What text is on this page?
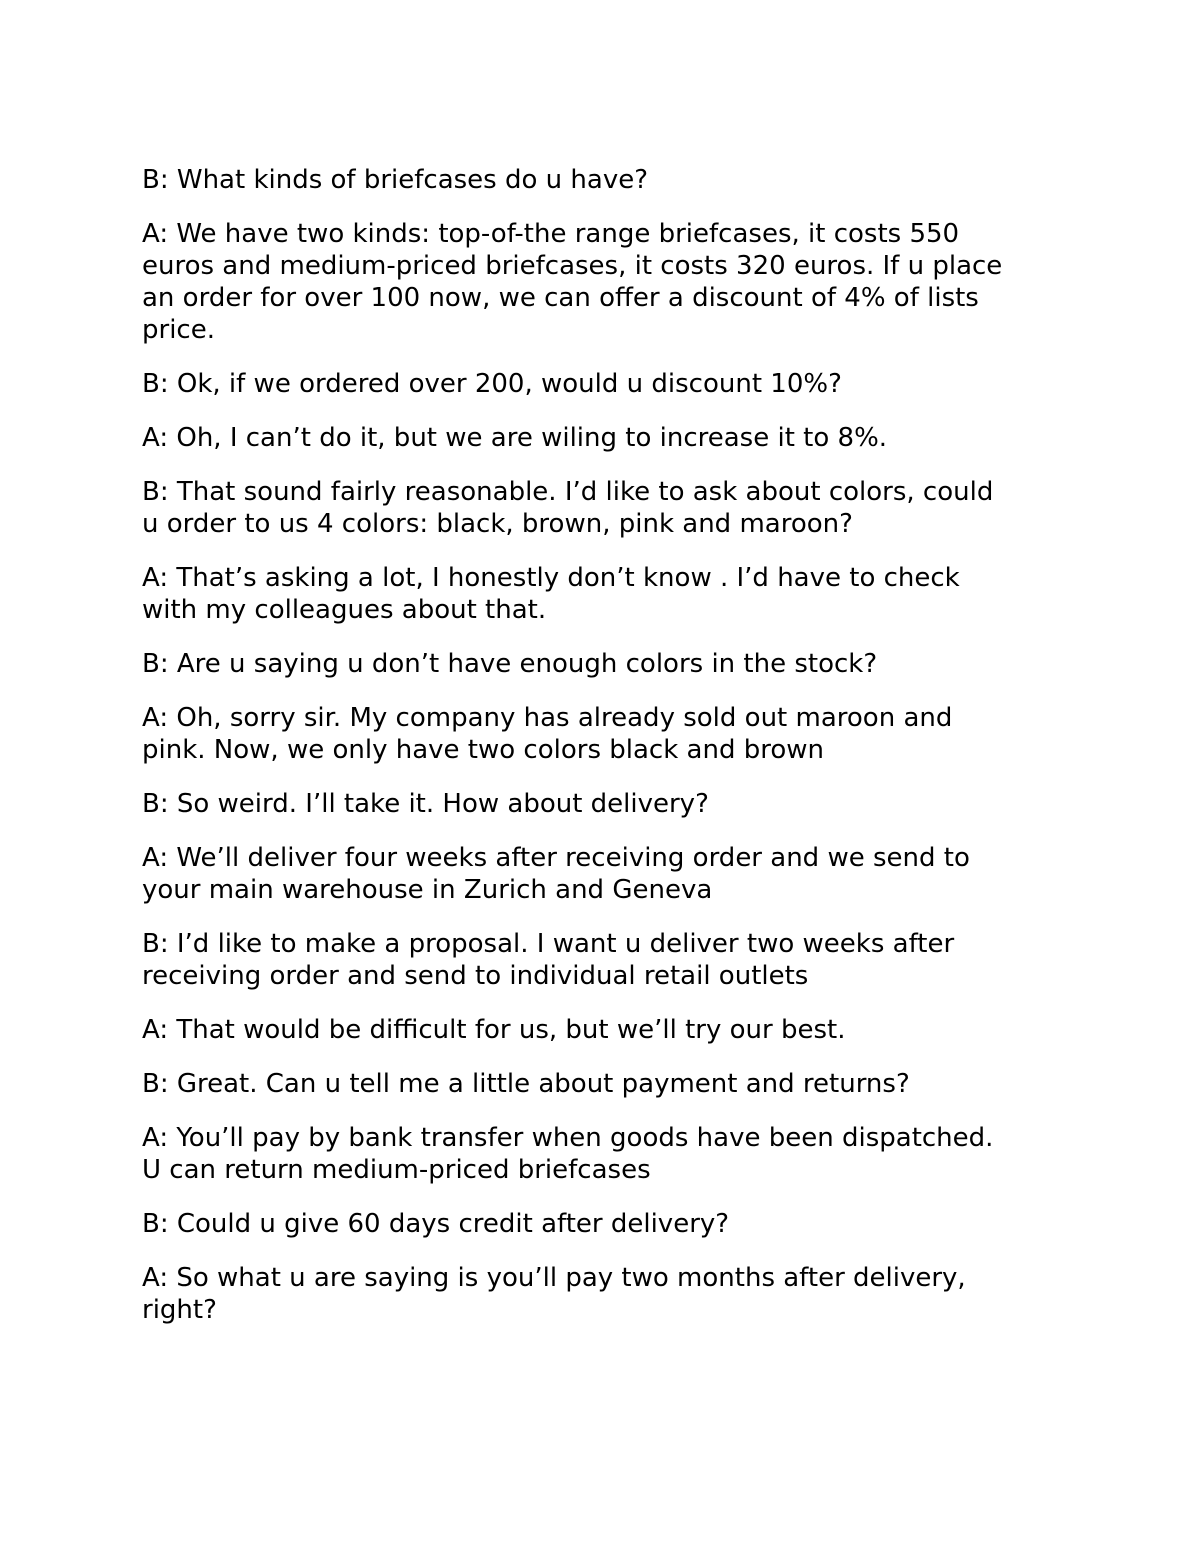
B: What kinds of briefcases do u have?

A: We have two kinds: top-of-the range briefcases, it costs 550
euros and medium-priced briefcases, it costs 320 euros. If u place
an order for over 100 now, we can offer a discount of 4% of lists
price.

B: Ok, if we ordered over 200, would u discount 10%?

A: Oh, I can’t do it, but we are wiling to increase it to 8%.

B: That sound fairly reasonable. I’d like to ask about colors, could
u order to us 4 colors: black, brown, pink and maroon?

A: That’s asking a lot, I honestly don’t know . I’d have to check
with my colleagues about that.

B: Are u saying u don’t have enough colors in the stock?

A: Oh, sorry sir. My company has already sold out maroon and
pink. Now, we only have two colors black and brown

B: So weird. I’ll take it. How about delivery?

A: We’ll deliver four weeks after receiving order and we send to
your main warehouse in Zurich and Geneva

B: I’d like to make a proposal. I want u deliver two weeks after
receiving order and send to individual retail outlets

A: That would be difficult for us, but we’ll try our best.

B: Great. Can u tell me a little about payment and returns?

A: You’ll pay by bank transfer when goods have been dispatched.
U can return medium-priced briefcases

B: Could u give 60 days credit after delivery?

A: So what u are saying is you’ll pay two months after delivery,
right?
